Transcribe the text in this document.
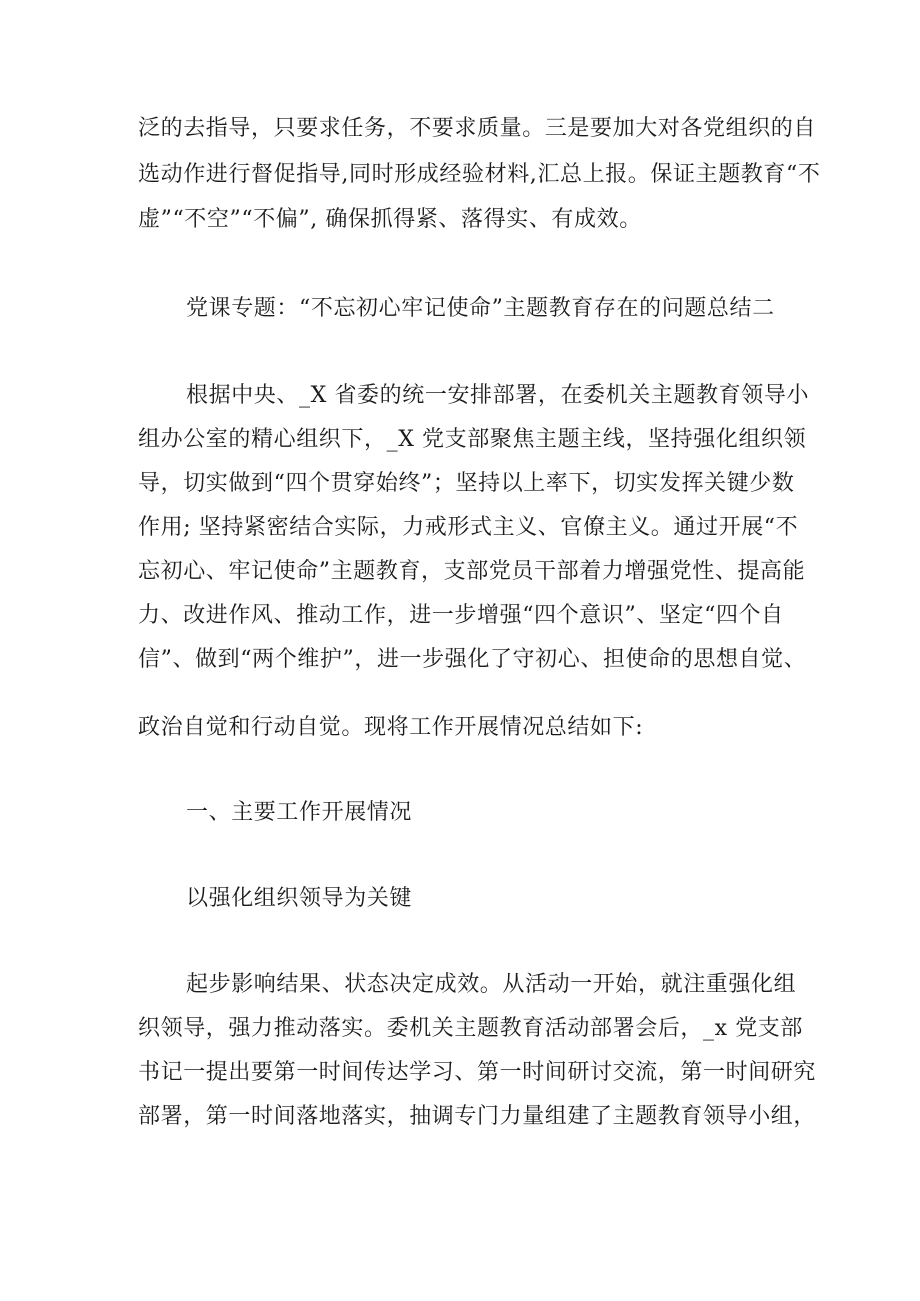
泛的去指导，只要求任务，不要求质量。三是要加大对各党组织的自

选动作进行督促指导,同时形成经验材料,汇总上报。保证主题教育“不

虚”“不空”“不偏”, 确保抓得紧、落得实、有成效。

党课专题：“不忘初心牢记使命”主题教育存在的问题总结二

根据中央、_X 省委的统一安排部署，在委机关主题教育领导小

组办公室的精心组织下，_X 党支部聚焦主题主线，坚持强化组织领

导，切实做到“四个贯穿始终”；坚持以上率下，切实发挥关键少数

作用; 坚持紧密结合实际，力戒形式主义、官僚主义。通过开展“不

忘初心、牢记使命”主题教育，支部党员干部着力增强党性、提高能

力、改进作风、推动工作，进一步增强“四个意识”、坚定“四个自

信”、做到“两个维护”，进一步强化了守初心、担使命的思想自觉、

政治自觉和行动自觉。现将工作开展情况总结如下:

一、主要工作开展情况

以强化组织领导为关键

起步影响结果、状态决定成效。从活动一开始，就注重强化组

织领导，强力推动落实。委机关主题教育活动部署会后，_x 党支部

书记一提出要第一时间传达学习、第一时间研讨交流，第一时间研究

部署，第一时间落地落实，抽调专门力量组建了主题教育领导小组，
